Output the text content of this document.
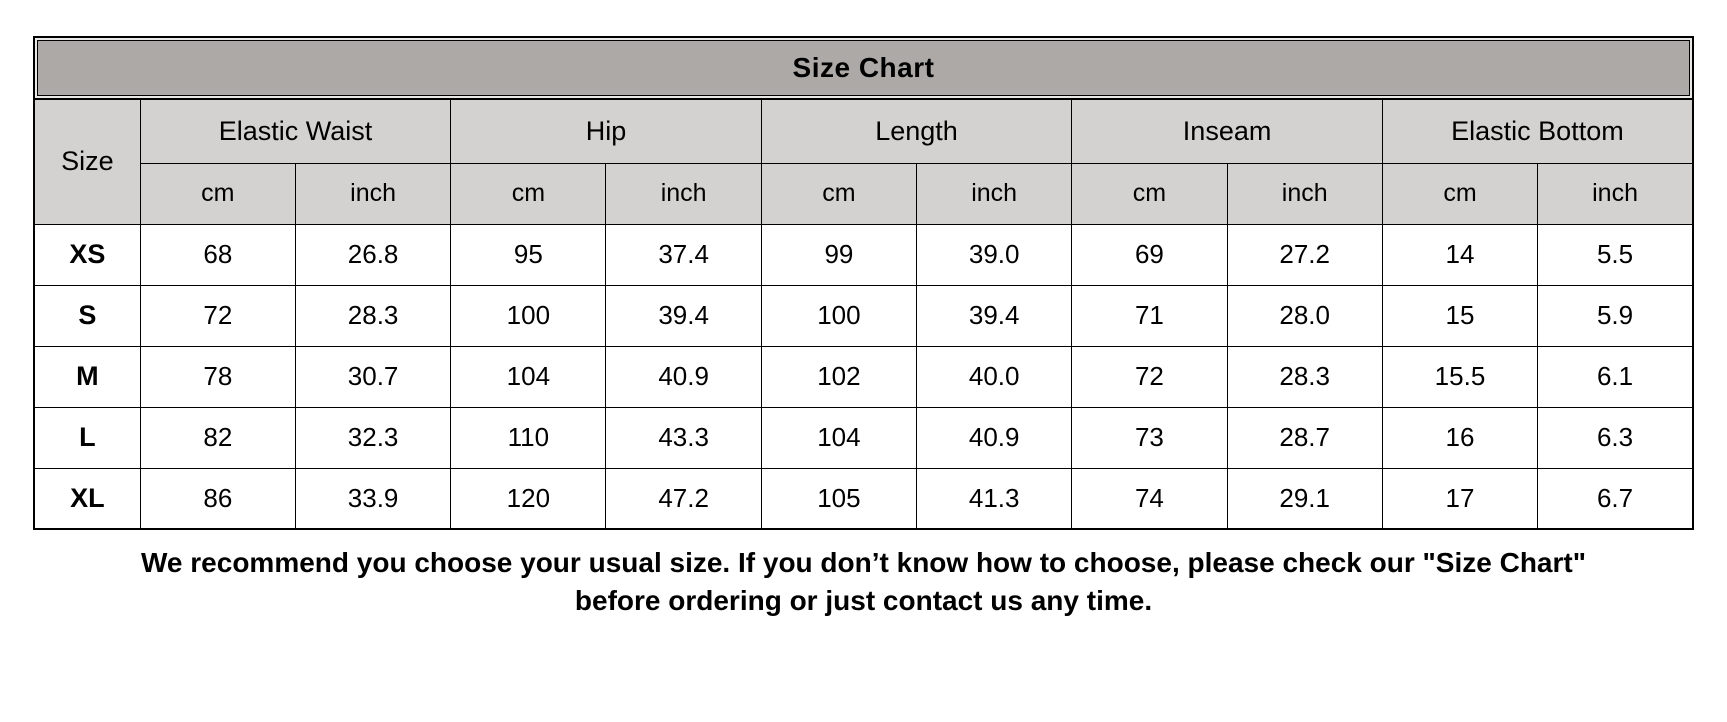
Size Chart
Size	Elastic Waist		Hip		Length		Inseam		Elastic Bottom	
	cm	inch	cm	inch	cm	inch	cm	inch	cm	inch
XS	68	26.8	95	37.4	99	39.0	69	27.2	14	5.5
S	72	28.3	100	39.4	100	39.4	71	28.0	15	5.9
M	78	30.7	104	40.9	102	40.0	72	28.3	15.5	6.1
L	82	32.3	110	43.3	104	40.9	73	28.7	16	6.3
XL	86	33.9	120	47.2	105	41.3	74	29.1	17	6.7
We recommend you choose your usual size. If you don’t know how to choose, please check our "Size Chart"
before ordering or just contact us any time.
